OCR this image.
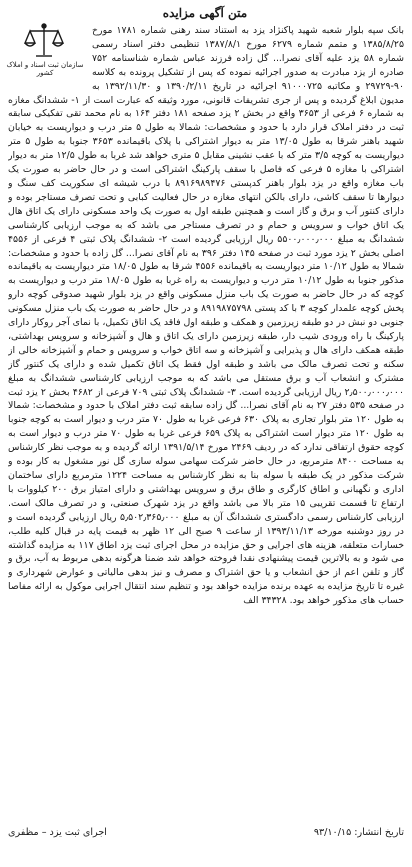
سازمان ثبت اسناد و املاک کشور
متن آگهی مزایده
بانک سپه بلوار شعبه شهید پاکنژاد یزد به استناد سند رهنی شماره ۱۷۸۱ مورخ ۱۳۸۵/۸/۲۵ و متمم شماره ۶۲۷۹ مورخ ۱۳۸۷/۸/۱ تنظیمی دفتر اسناد رسمی شماره ۵۸ یزد علیه آقای نصرا... گل زاده فرزند عباس شماره شناسنامه ۷۵۲ صادره از یزد مبادرت به صدور اجرائیه نموده که پس از تشکیل پرونده به کلاسه ۹۰-۲۹۷۲۹ و مکاتبه ۹۱۰۰۰۷۲۵ اجرائیه در تاریخ ۱۳۹۰/۲/۱۱ و ۱۳۹۲/۱۱/۳۰ به مدیون ابلاغ گردیده و پس از جری تشریفات قانونی، مورد وثیقه که عبارت است از ۱- ششدانگ مغازه به شماره ۶ فرعی از ۳۶۵۳ واقع در بخش ۲ یزد صفحه ۱۸۱ دفتر ۱۶۴ به نام محمد تقی تفکیکی سابقه ثبت در دفتر املاک قرار دارد با حدود و مشخصات: شمالا به طول ۵ متر درب و دیواریست به خیابان شهید باهنر شرقا به طول ۱۳/۰۵ متر به دیوار اشتراکی با پلاک باقیمانده ۳۶۵۳ جنوبا به طول ۵ متر دیواریست به کوچه ۳/۵ متر که با عقب نشینی مقابل ۵ متری خواهد شد غربا به طول ۱۲/۵ متر به دیوار اشتراکی با مغازه ۵ فرعی که فاصل با سقف پارکینگ اشتراکی است و در حال حاضر به صورت یک باب مغازه واقع در یزد بلوار باهنر کدپستی ۸۹۱۶۹۸۹۴۷۶ با درب شیشه ای سکوریت کف سنگ و دیوارها تا سقف کاشی، دارای بالکن انتهای مغازه در حال فعالیت کبابی و تحت تصرف مستاجر بوده و دارای کنتور آب و برق و گاز است و همچنین طبقه اول به صورت یک واحد مسکونی دارای یک اتاق هال یک اتاق خواب و سرویس و حمام و در تصرف مستاجر می باشد که به موجب ارزیابی کارشناسی ششدانگ به مبلغ ۵۵۰۰٫۰۰۰٫۰۰۰ ریال ارزیابی گردیده است ۲- ششدانگ پلاک ثبتی ۴ فرعی از ۴۵۵۶ اصلی بخش ۲ یزد مورد ثبت در صفحه ۱۴۵ دفتر ۳۹۶ به نام آقای نصرا... گل زاده با حدود و مشخصات: شمالا به طول ۱۰/۱۲ متر دیواریست به باقیمانده ۴۵۵۶ شرقا به طول ۱۸/۰۵ متر دیواریست به باقیمانده مذکور جنوبا به طول ۱۰/۱۲ متر درب و دیواریست به راه غربا به طول ۱۸/۰۵ متر درب و دیواریست به کوچه که در حال حاضر به صورت یک باب منزل مسکونی واقع در یزد بلوار شهید صدوقی کوچه دارو پخش کوچه علمدار کوچه ۳ با کد پستی ۸۹۱۹۸۷۵۷۹۸ و در حال حاضر به صورت یک باب منزل مسکونی جنوبی دو نبش در دو طبقه زیرزمین و همکف و طبقه اول فاقد یک اتاق تکمیل، با نمای آجر روکار دارای پارکینگ با راه ورودی شیب دار، طبقه زیرزمین دارای یک اتاق و هال و آشپزخانه و سرویس بهداشتی، طبقه همکف دارای هال و پذیرایی و آشپزخانه و سه اتاق خواب و سرویس و حمام و آشپزخانه خالی از سکنه و تحت تصرف مالک می باشد و طبقه اول فقط یک اتاق تکمیل شده و دارای یک کنتور گاز مشترک و انشعاب آب و برق مستقل می باشد که به موجب ارزیابی کارشناسی ششدانگ به مبلغ ۲٫۵۰۰٫۰۰۰٫۰۰۰ ریال ارزیابی گردیده است. ۳- ششدانگ پلاک ثبتی ۷۰۹ فرعی از ۴۶۸۲ بخش ۲ یزد ثبت در صفحه ۵۳۵ دفتر ۲۷ به نام آقای نصرا... گل زاده سابقه ثبت دفتر املاک با حدود و مشخصات: شمالا به طول ۱۲۰ متر بلوار تجاری به پلاک ۶۳۰ فرعی غربا به طول ۷۰ متر درب و دیوار است به کوچه جنوبا به طول ۱۲۰ متر دیوار است اشتراکی به پلاک ۶۵۹ فرعی غربا به طول ۷۰ متر درب و دیوار است به کوچه حقوق ارتفاقی ندارد که در ردیف ۲۴۶۹ مورخ ۱۳۹۱/۵/۱۴ ارائه گردیده و به موجب نظر کارشناس به مساحت ۸۴۰۰ مترمربع، در حال حاضر شرکت سهامی سوله سازی گل نور مشغول به کار بوده و شرکت مذکور در یک طبقه با سوله بنا به نظر کارشناس به مساحت ۱۲۲۴ مترمربع دارای ساختمان اداری و نگهبانی و اطاق کارگری و طاق برق و سرویس بهداشتی و دارای امتیاز برق ۲۰۰ کیلووات با ارتفاع تا قسمت تقریبی ۱۵ متر بالا می باشد واقع در یزد شهرک صنعتی، و در تصرف مالک است. ارزیابی کارشناس رسمی دادگستری ششدانگ آن به مبلغ ۵٫۵۰۲٫۳۶۵٫۰۰۰ ریال ارزیابی گردیده است و در روز دوشنبه مورخه ۱۳۹۳/۱۱/۱۳ از ساعت ۹ صبح الی ۱۲ ظهر به قیمت پایه در قبال کلیه طلب، خسارات متعلقه، هزینه های اجرایی و حق مزایده در محل اجرای ثبت یزد اطاق ۱۱۷ به مزایده گذاشته می شود و به بالاترین قیمت پیشنهادی نقدا فروخته خواهد شد ضمنا هرگونه بدهی مربوط به آب، برق و گاز و تلفن اعم از حق انشعاب و یا حق اشتراک و مصرف و نیز بدهی مالیاتی و عوارض شهرداری و غیره تا تاریخ مزایده به عهده برنده مزایده خواهد بود و تنظیم سند انتقال اجرایی موکول به ارائه مفاصا حساب های مذکور خواهد بود. ۳۴۳۲۸ الف
تاریخ انتشار: ۹۳/۱۰/۱۵
اجرای ثبت یزد – مظفری
